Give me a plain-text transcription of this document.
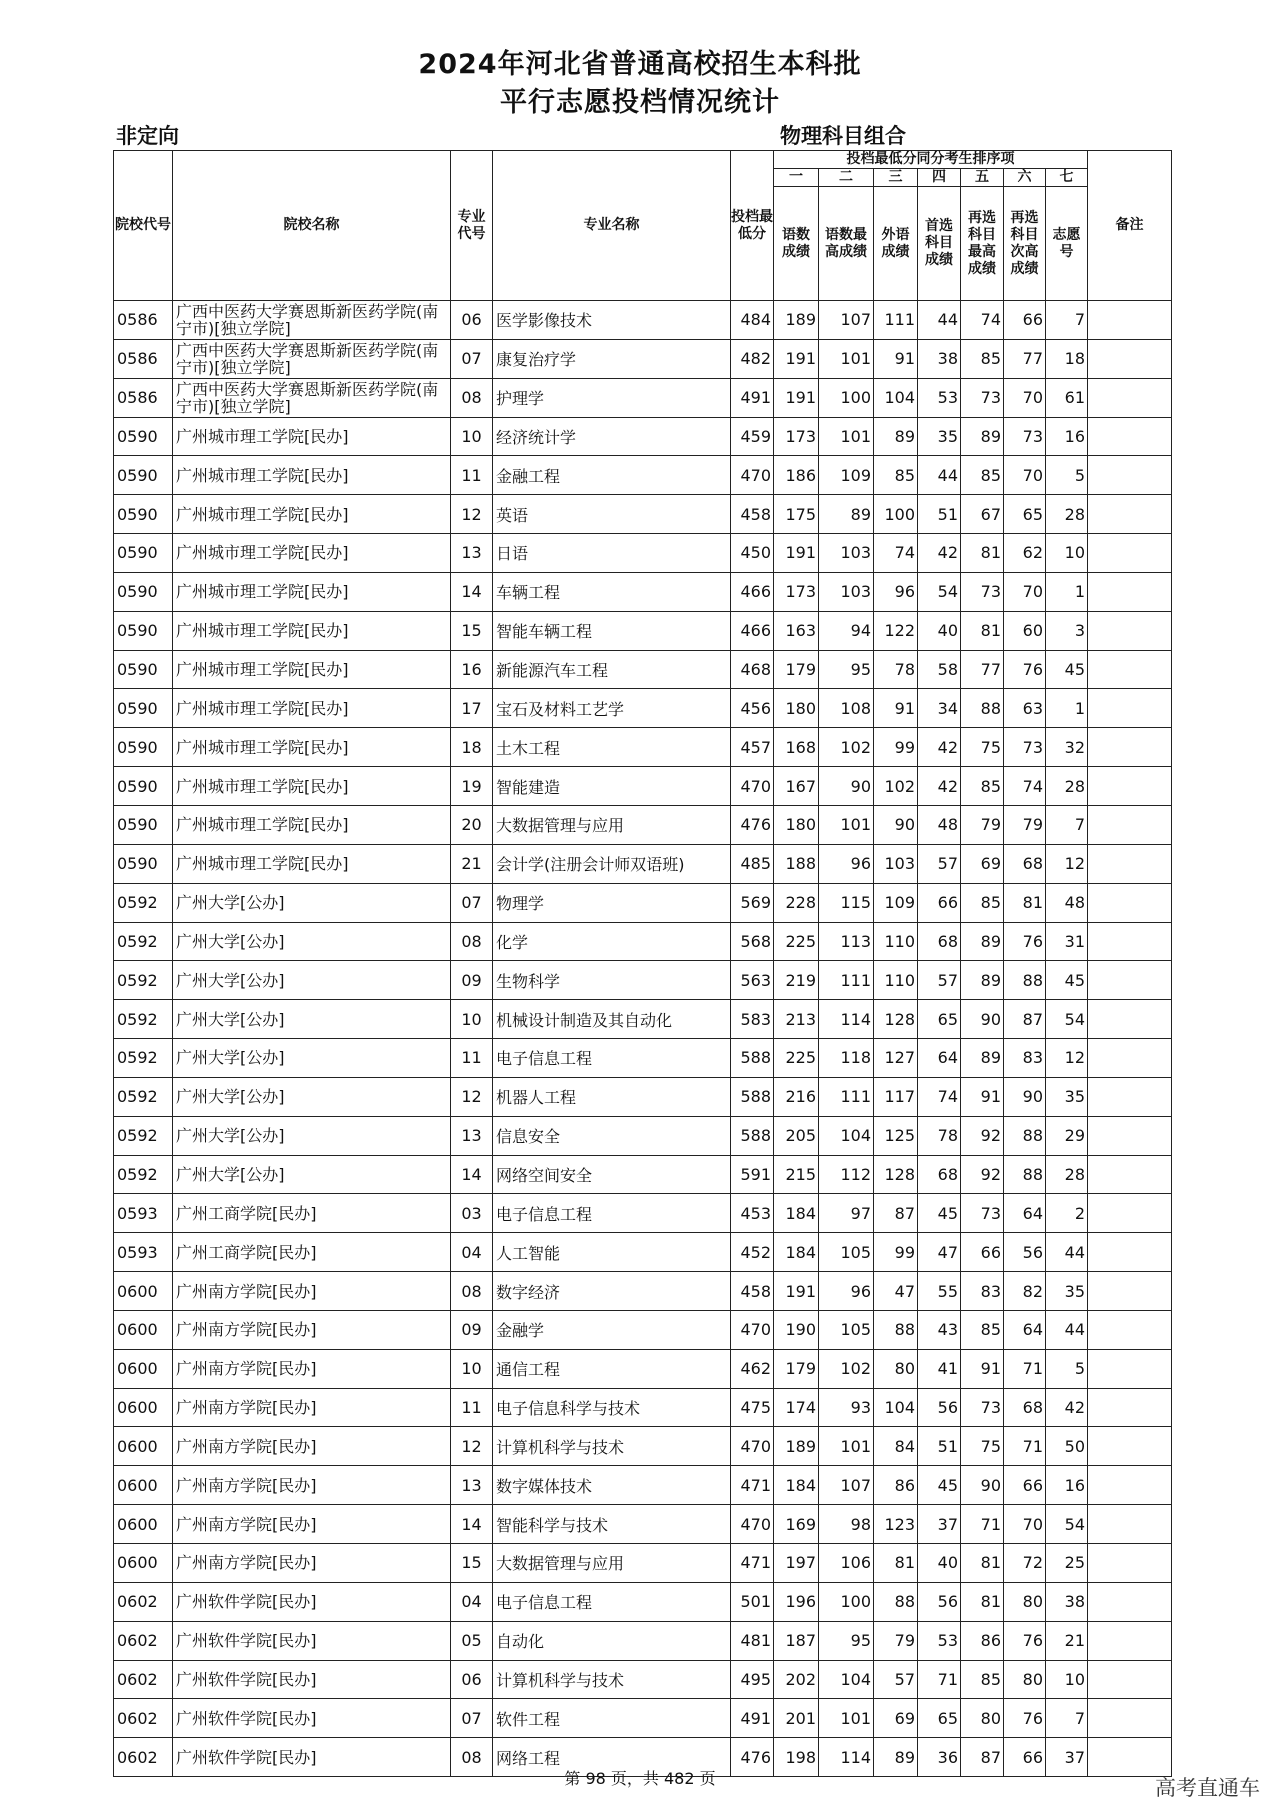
2024年河北省普通高校招生本科批
平行志愿投档情况统计
非定向	物理科目组合
院校代号	院校名称	专业代号	专业名称	投档最低分	投档最低分同分考生排序项							备注
					一	二	三	四	五	六	七	
					语数成绩	语数最高成绩	外语成绩	首选科目成绩	再选科目最高成绩	再选科目次高成绩	志愿号	
0586	广西中医药大学赛恩斯新医药学院(南宁市)[独立学院]	06	医学影像技术	484	189	107	111	44	74	66	7	
0586	广西中医药大学赛恩斯新医药学院(南宁市)[独立学院]	07	康复治疗学	482	191	101	91	38	85	77	18	
0586	广西中医药大学赛恩斯新医药学院(南宁市)[独立学院]	08	护理学	491	191	100	104	53	73	70	61	
0590	广州城市理工学院[民办]	10	经济统计学	459	173	101	89	35	89	73	16	
0590	广州城市理工学院[民办]	11	金融工程	470	186	109	85	44	85	70	5	
0590	广州城市理工学院[民办]	12	英语	458	175	89	100	51	67	65	28	
0590	广州城市理工学院[民办]	13	日语	450	191	103	74	42	81	62	10	
0590	广州城市理工学院[民办]	14	车辆工程	466	173	103	96	54	73	70	1	
0590	广州城市理工学院[民办]	15	智能车辆工程	466	163	94	122	40	81	60	3	
0590	广州城市理工学院[民办]	16	新能源汽车工程	468	179	95	78	58	77	76	45	
0590	广州城市理工学院[民办]	17	宝石及材料工艺学	456	180	108	91	34	88	63	1	
0590	广州城市理工学院[民办]	18	土木工程	457	168	102	99	42	75	73	32	
0590	广州城市理工学院[民办]	19	智能建造	470	167	90	102	42	85	74	28	
0590	广州城市理工学院[民办]	20	大数据管理与应用	476	180	101	90	48	79	79	7	
0590	广州城市理工学院[民办]	21	会计学(注册会计师双语班)	485	188	96	103	57	69	68	12	
0592	广州大学[公办]	07	物理学	569	228	115	109	66	85	81	48	
0592	广州大学[公办]	08	化学	568	225	113	110	68	89	76	31	
0592	广州大学[公办]	09	生物科学	563	219	111	110	57	89	88	45	
0592	广州大学[公办]	10	机械设计制造及其自动化	583	213	114	128	65	90	87	54	
0592	广州大学[公办]	11	电子信息工程	588	225	118	127	64	89	83	12	
0592	广州大学[公办]	12	机器人工程	588	216	111	117	74	91	90	35	
0592	广州大学[公办]	13	信息安全	588	205	104	125	78	92	88	29	
0592	广州大学[公办]	14	网络空间安全	591	215	112	128	68	92	88	28	
0593	广州工商学院[民办]	03	电子信息工程	453	184	97	87	45	73	64	2	
0593	广州工商学院[民办]	04	人工智能	452	184	105	99	47	66	56	44	
0600	广州南方学院[民办]	08	数字经济	458	191	96	47	55	83	82	35	
0600	广州南方学院[民办]	09	金融学	470	190	105	88	43	85	64	44	
0600	广州南方学院[民办]	10	通信工程	462	179	102	80	41	91	71	5	
0600	广州南方学院[民办]	11	电子信息科学与技术	475	174	93	104	56	73	68	42	
0600	广州南方学院[民办]	12	计算机科学与技术	470	189	101	84	51	75	71	50	
0600	广州南方学院[民办]	13	数字媒体技术	471	184	107	86	45	90	66	16	
0600	广州南方学院[民办]	14	智能科学与技术	470	169	98	123	37	71	70	54	
0600	广州南方学院[民办]	15	大数据管理与应用	471	197	106	81	40	81	72	25	
0602	广州软件学院[民办]	04	电子信息工程	501	196	100	88	56	81	80	38	
0602	广州软件学院[民办]	05	自动化	481	187	95	79	53	86	76	21	
0602	广州软件学院[民办]	06	计算机科学与技术	495	202	104	57	71	85	80	10	
0602	广州软件学院[民办]	07	软件工程	491	201	101	69	65	80	76	7	
0602	广州软件学院[民办]	08	网络工程	476	198	114	89	36	87	66	37	
第 98 页，共 482 页	高考直通车
